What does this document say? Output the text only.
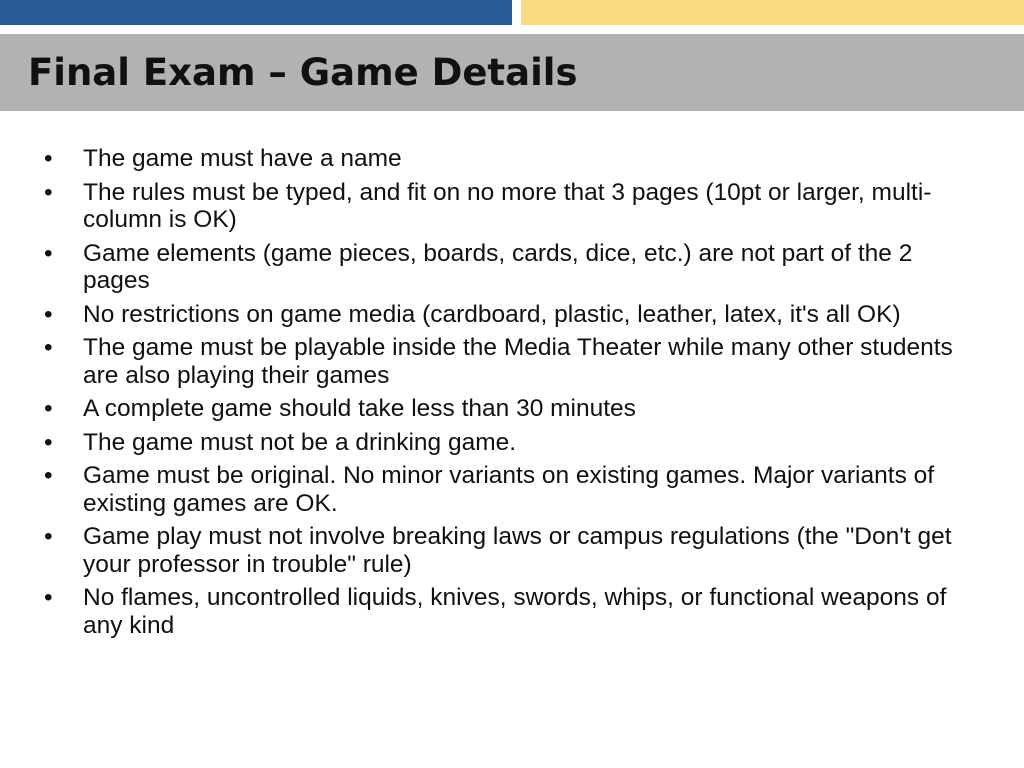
Final Exam – Game Details
• The game must have a name
• The rules must be typed, and fit on no more that 3 pages (10pt or larger, multi-column is OK)
• Game elements (game pieces, boards, cards, dice, etc.) are not part of the 2 pages
• No restrictions on game media (cardboard, plastic, leather, latex, it's all OK)
• The game must be playable inside the Media Theater while many other students are also playing their games
• A complete game should take less than 30 minutes
• The game must not be a drinking game.
• Game must be original. No minor variants on existing games. Major variants of existing games are OK.
• Game play must not involve breaking laws or campus regulations (the "Don't get your professor in trouble" rule)
• No flames, uncontrolled liquids, knives, swords, whips, or functional weapons of any kind
